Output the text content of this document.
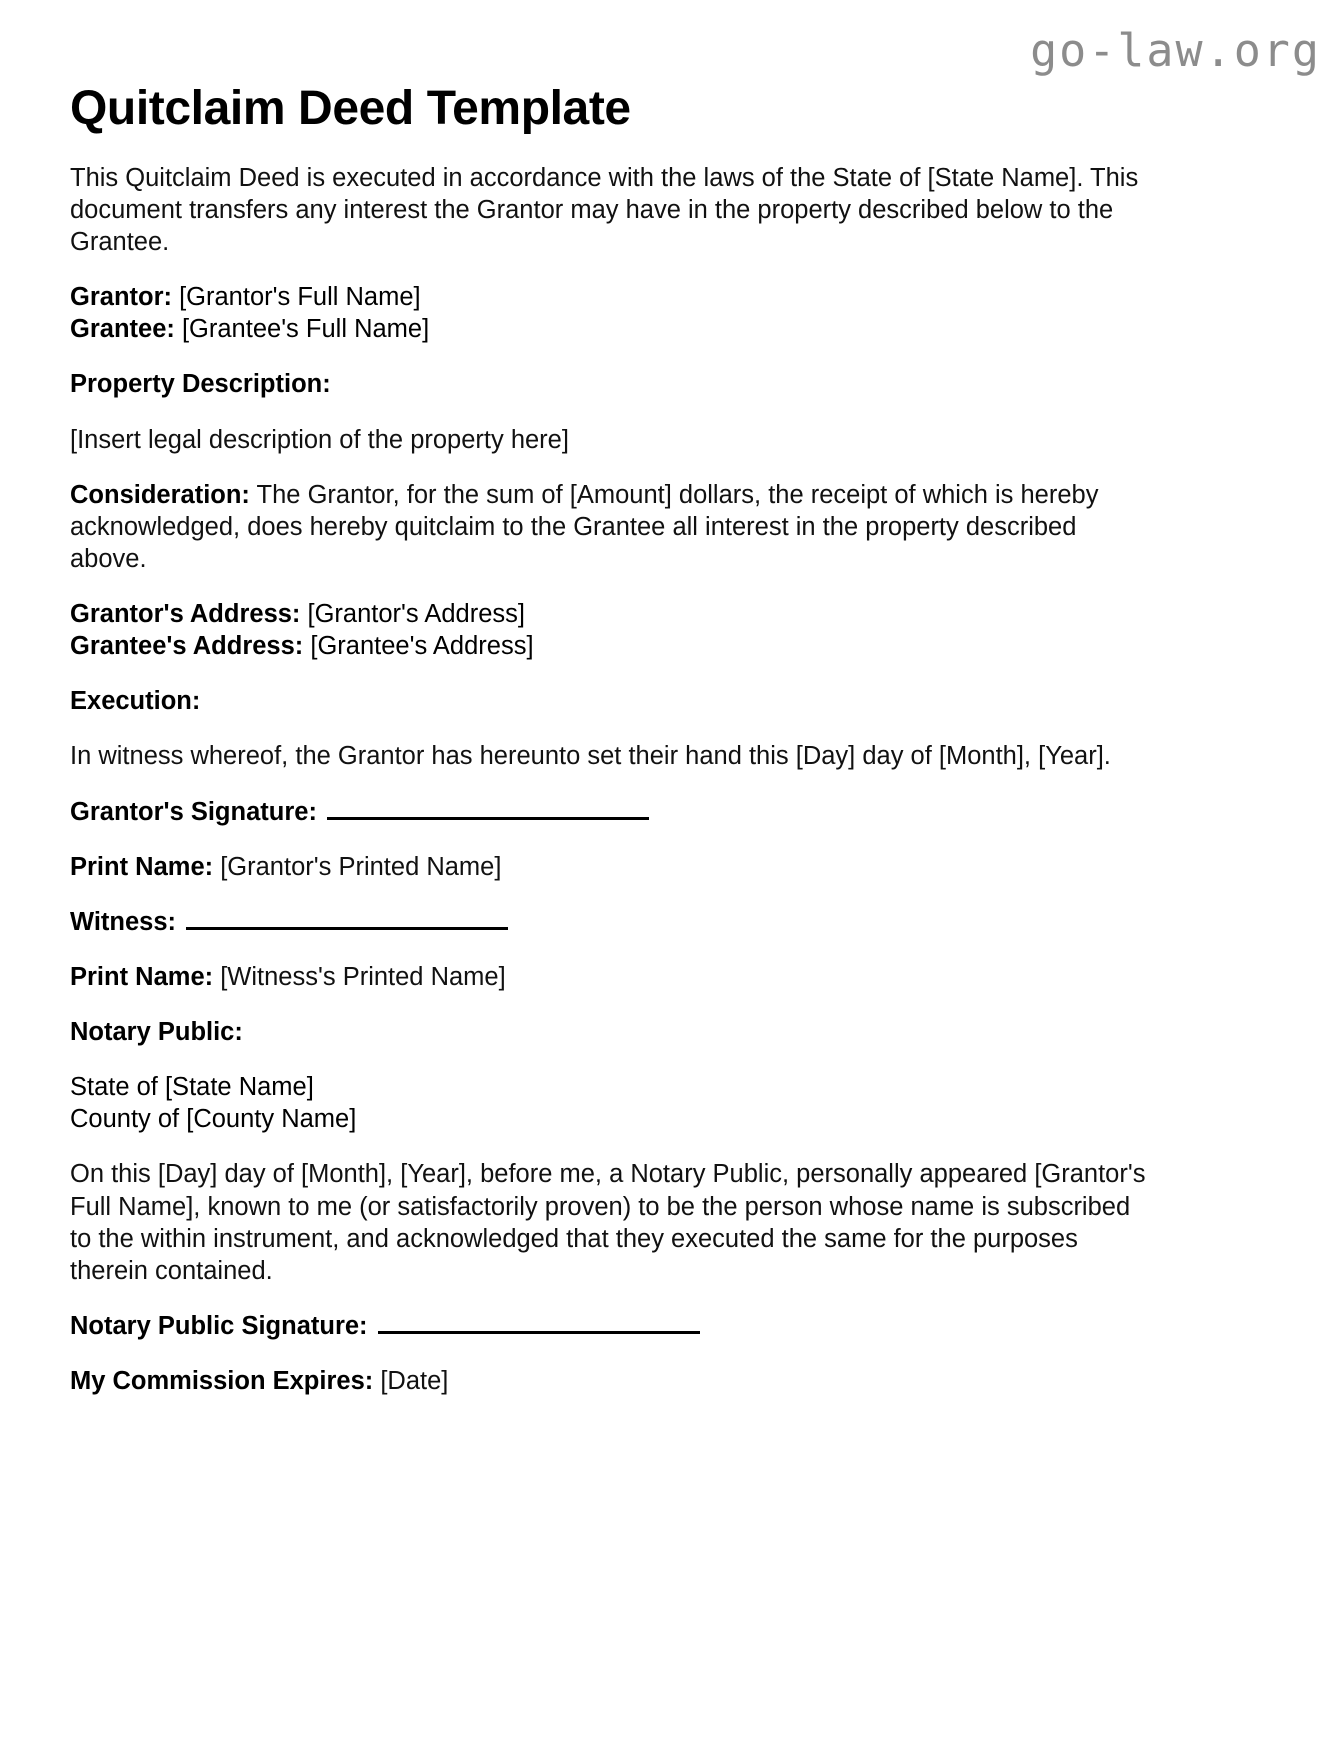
go-law.org
Quitclaim Deed Template

This Quitclaim Deed is executed in accordance with the laws of the State of [State Name]. This document transfers any interest the Grantor may have in the property described below to the Grantee.

Grantor: [Grantor's Full Name]

Grantee: [Grantee's Full Name]

Property Description:

[Insert legal description of the property here]

Consideration: The Grantor, for the sum of [Amount] dollars, the receipt of which is hereby acknowledged, does hereby quitclaim to the Grantee all interest in the property described above.

Grantor's Address: [Grantor's Address]

Grantee's Address: [Grantee's Address]

Execution:

In witness whereof, the Grantor has hereunto set their hand this [Day] day of [Month], [Year].

Grantor's Signature:

Print Name: [Grantor's Printed Name]

Witness:

Print Name: [Witness's Printed Name]

Notary Public:

State of [State Name]

County of [County Name]

On this [Day] day of [Month], [Year], before me, a Notary Public, personally appeared [Grantor's Full Name], known to me (or satisfactorily proven) to be the person whose name is subscribed to the within instrument, and acknowledged that they executed the same for the purposes therein contained.

Notary Public Signature:

My Commission Expires: [Date]
